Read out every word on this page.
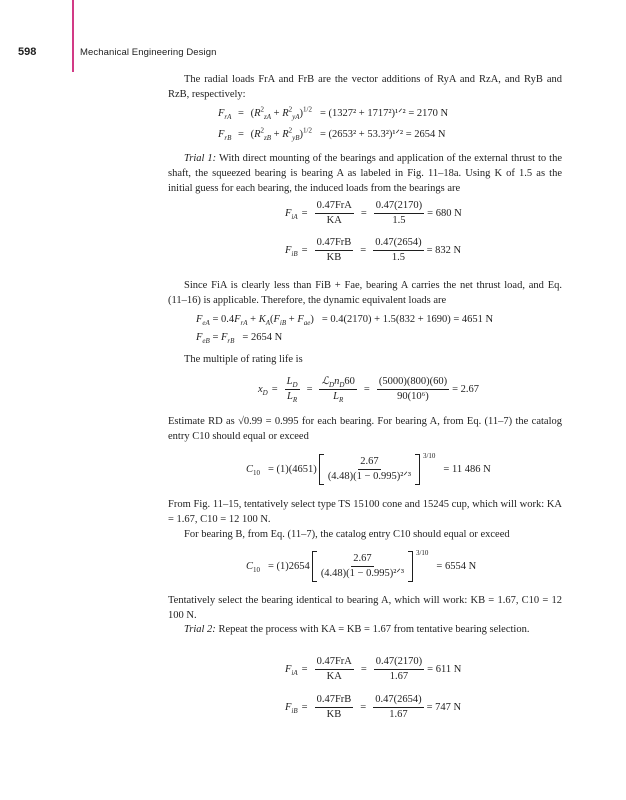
598	Mechanical Engineering Design

The radial loads FrA and FrB are the vector additions of RyA and RzA, and RyB and RzB, respectively:

$F_{rA} = (R^2_{zA} + R^2_{yA})^{1/2} = (1327^2$ + 1717²)¹ᐟ² = 2170 N
$F_{rB} = (R^2_{zB} + R^2_{yB})^{1/2} = (2653^2$ + 53.3²)¹ᐟ² = 2654 N

Trial 1: With direct mounting of the bearings and application of the external thrust to the shaft, the squeezed bearing is bearing A as labeled in Fig. 11–18a. Using K of 1.5 as the initial guess for each bearing, the induced loads from the bearings are

$F_{iA} = \frac{\text{0.47FrA}}{KA} = \frac{0.47(2170)}{1.5} = 680$ N
$F_{iB} = \frac{\text{0.47FrB}}{KB} = \frac{0.47(2654)}{1.5} = 832$ N

Since FiA is clearly less than FiB + Fae, bearing A carries the net thrust load, and Eq. (11–16) is applicable. Therefore, the dynamic equivalent loads are

$F_{eA} = 0.4F_{rA} + K_A(F_{iB} + F_{ae}) = 0.4(2170) + 1.5(832 + 1690) = 4651$ N
$F_{eB} = F_{rB} = 2654$ N

The multiple of rating life is

$x_D = \frac{L_D}{L_R} = \frac{ℒ_Dn_D60}{L_R} = \frac{(5000)(800)(60)}{\text{90(10⁶)}} = 2.67$

Estimate RD as √0.99 = 0.995 for each bearing. For bearing A, from Eq. (11–7) the catalog entry C10 should equal or exceed

$C_{10} = (1)(4651) \frac{2.67}{\text{(4.48)(1 − 0.995)²ᐟ³}} 3/10$
= 11 486 N

From Fig. 11–15, tentatively select type TS 15100 cone and 15245 cup, which will work: KA = 1.67, C10 = 12 100 N.

For bearing B, from Eq. (11–7), the catalog entry C10 should equal or exceed

$C_{10} = (1)2654 \frac{2.67}{\text{(4.48)(1 − 0.995)²ᐟ³}} 3/10$
= 6554 N

Tentatively select the bearing identical to bearing A, which will work: KB = 1.67, C10 = 12 100 N.

Trial 2: Repeat the process with KA = KB = 1.67 from tentative bearing selection.

$F_{iA} = \frac{\text{0.47FrA}}{KA} = \frac{0.47(2170)}{1.67} = 611$ N
$F_{iB} = \frac{\text{0.47FrB}}{KB} = \frac{0.47(2654)}{1.67} = 747$ N
